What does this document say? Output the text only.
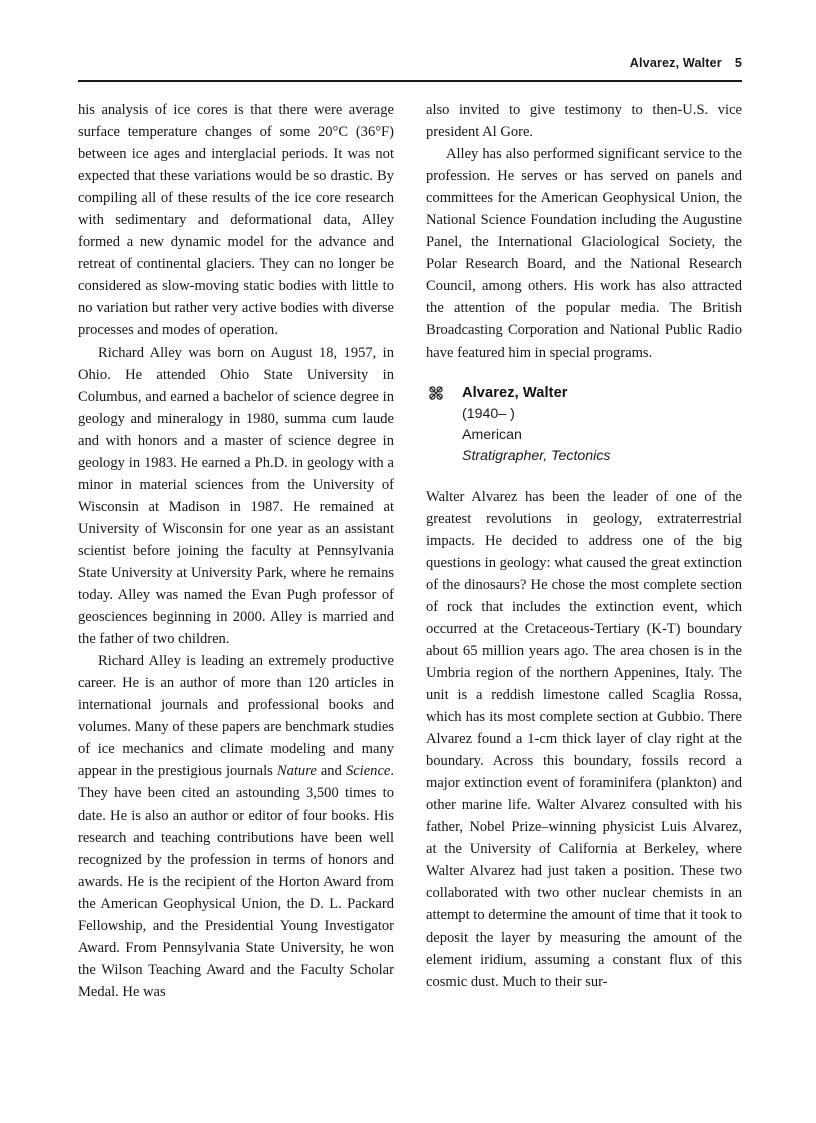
Alvarez, Walter 5

his analysis of ice cores is that there were average surface temperature changes of some 20°C (36°F) between ice ages and interglacial periods. It was not expected that these variations would be so drastic. By compiling all of these results of the ice core research with sedimentary and deformational data, Alley formed a new dynamic model for the advance and retreat of continental glaciers. They can no longer be considered as slow-moving static bodies with little to no variation but rather very active bodies with diverse processes and modes of operation.

Richard Alley was born on August 18, 1957, in Ohio. He attended Ohio State University in Columbus, and earned a bachelor of science degree in geology and mineralogy in 1980, summa cum laude and with honors and a master of science degree in geology in 1983. He earned a Ph.D. in geology with a minor in material sciences from the University of Wisconsin at Madison in 1987. He remained at University of Wisconsin for one year as an assistant scientist before joining the faculty at Pennsylvania State University at University Park, where he remains today. Alley was named the Evan Pugh professor of geosciences beginning in 2000. Alley is married and the father of two children.

Richard Alley is leading an extremely productive career. He is an author of more than 120 articles in international journals and professional books and volumes. Many of these papers are benchmark studies of ice mechanics and climate modeling and many appear in the prestigious journals Nature and Science. They have been cited an astounding 3,500 times to date. He is also an author or editor of four books. His research and teaching contributions have been well recognized by the profession in terms of honors and awards. He is the recipient of the Horton Award from the American Geophysical Union, the D. L. Packard Fellowship, and the Presidential Young Investigator Award. From Pennsylvania State University, he won the Wilson Teaching Award and the Faculty Scholar Medal. He was

also invited to give testimony to then-U.S. vice president Al Gore.

Alley has also performed significant service to the profession. He serves or has served on panels and committees for the American Geophysical Union, the National Science Foundation including the Augustine Panel, the International Glaciological Society, the Polar Research Board, and the National Research Council, among others. His work has also attracted the attention of the popular media. The British Broadcasting Corporation and National Public Radio have featured him in special programs.

Alvarez, Walter
(1940– )
American
Stratigrapher, Tectonics

Walter Alvarez has been the leader of one of the greatest revolutions in geology, extraterrestrial impacts. He decided to address one of the big questions in geology: what caused the great extinction of the dinosaurs? He chose the most complete section of rock that includes the extinction event, which occurred at the Cretaceous-Tertiary (K-T) boundary about 65 million years ago. The area chosen is in the Umbria region of the northern Appenines, Italy. The unit is a reddish limestone called Scaglia Rossa, which has its most complete section at Gubbio. There Alvarez found a 1-cm thick layer of clay right at the boundary. Across this boundary, fossils record a major extinction event of foraminifera (plankton) and other marine life. Walter Alvarez consulted with his father, Nobel Prize–winning physicist Luis Alvarez, at the University of California at Berkeley, where Walter Alvarez had just taken a position. These two collaborated with two other nuclear chemists in an attempt to determine the amount of time that it took to deposit the layer by measuring the amount of the element iridium, assuming a constant flux of this cosmic dust. Much to their sur-
